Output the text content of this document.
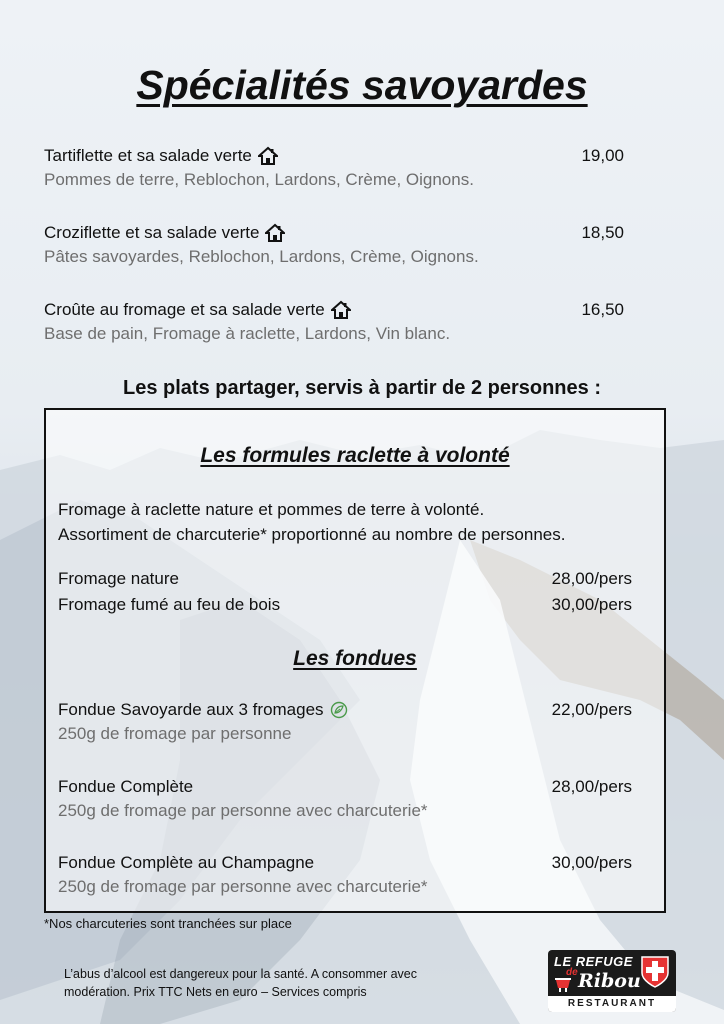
Spécialités savoyardes
Tartiflette et sa salade verte	19,00
Pommes de terre, Reblochon, Lardons, Crème, Oignons.
Croziflette et sa salade verte	18,50
Pâtes savoyardes, Reblochon, Lardons, Crème, Oignons.
Croûte au fromage et sa salade verte	16,50
Base de pain, Fromage à raclette, Lardons, Vin blanc.
Les plats partager, servis à partir de 2 personnes :
Les formules raclette à volonté
Fromage à raclette nature et pommes de terre à volonté.
Assortiment de charcuterie* proportionné au nombre de personnes.
Fromage nature	28,00/pers
Fromage fumé au feu de bois	30,00/pers
Les fondues
Fondue Savoyarde aux 3 fromages	22,00/pers
250g de fromage par personne
Fondue Complète	28,00/pers
250g de fromage par personne avec charcuterie*
Fondue Complète au Champagne	30,00/pers
250g de fromage par personne avec charcuterie*
*Nos charcuteries sont tranchées sur place
L’abus d’alcool est dangereux pour la santé. A consommer avec
modération. Prix TTC Nets en euro – Services compris
LE REFUGE
de Ribou
RESTAURANT
